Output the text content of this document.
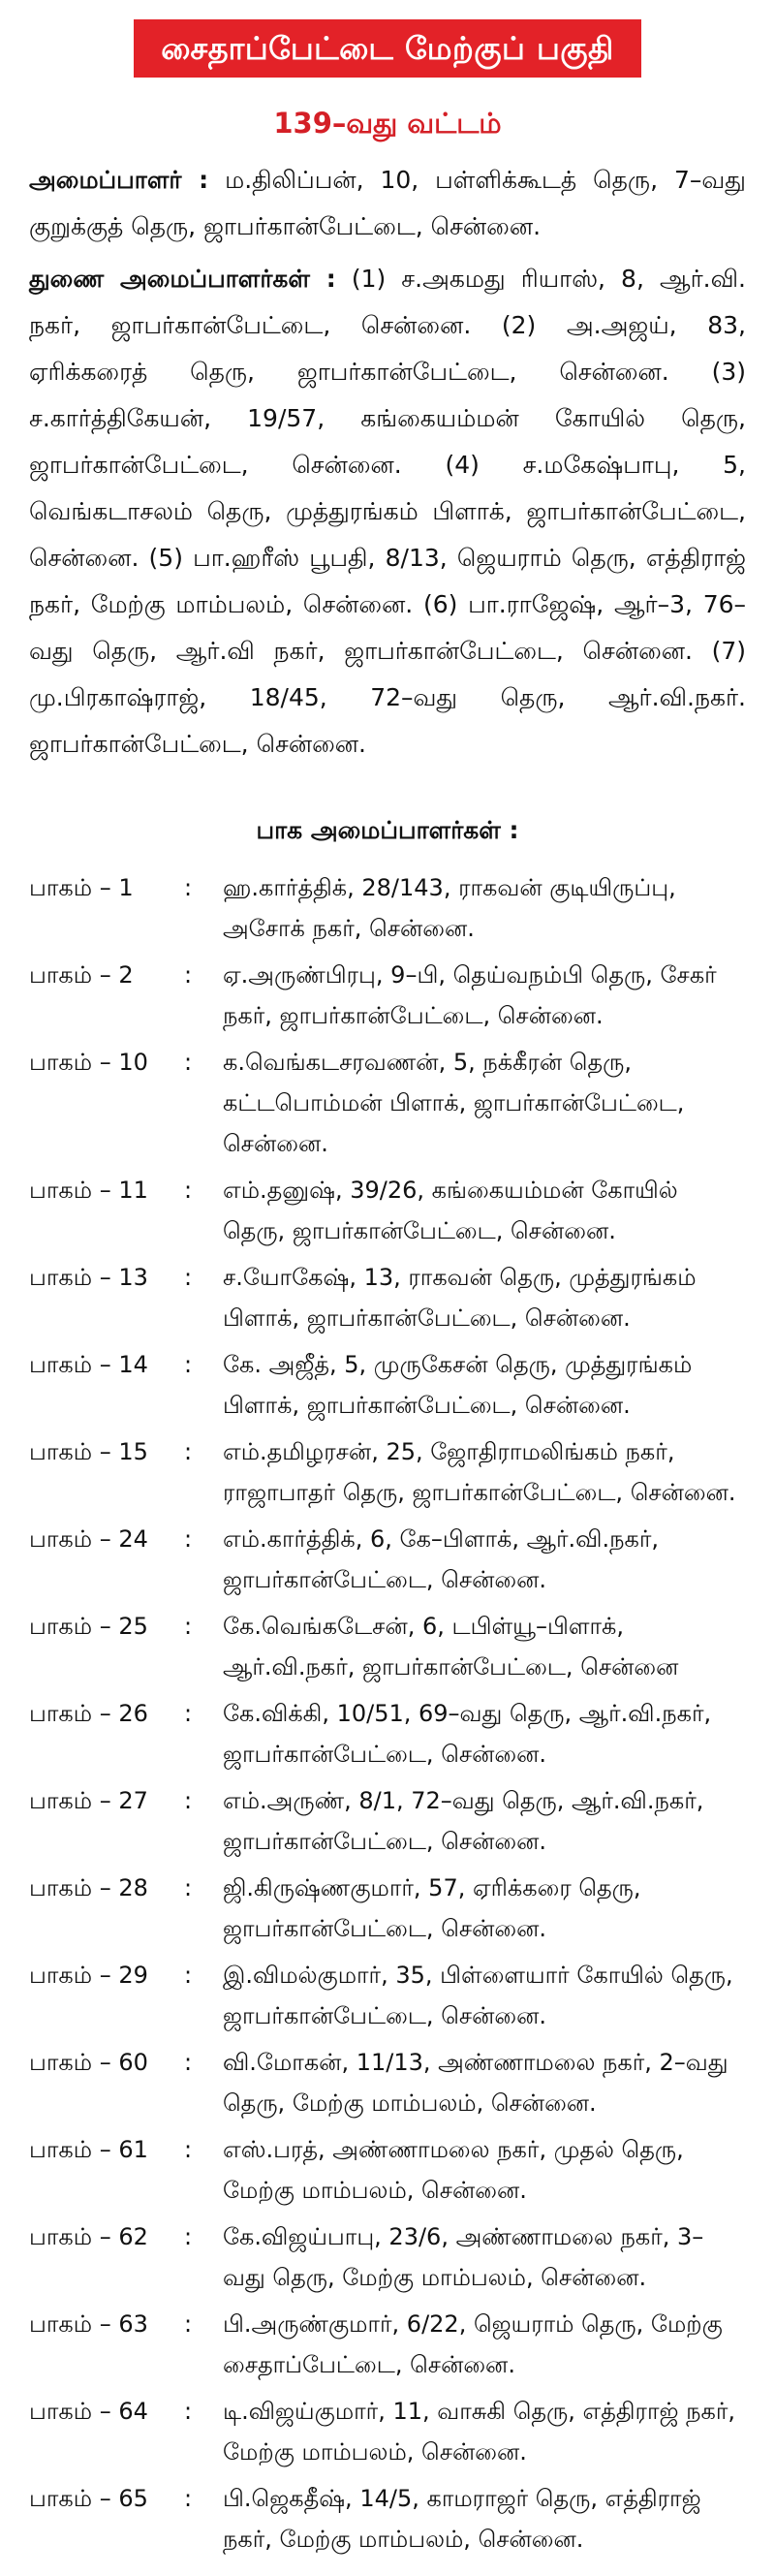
சைதாப்பேட்டை மேற்குப் பகுதி
139–வது வட்டம்

அமைப்பாளர் : ம.திலிப்பன், 10, பள்ளிக்கூடத் தெரு, 7–வது குறுக்குத் தெரு, ஜாபர்கான்பேட்டை, சென்னை.

துணை அமைப்பாளர்கள் : (1) ச.அகமது ரியாஸ், 8, ஆர்.வி. நகர், ஜாபர்கான்பேட்டை, சென்னை. (2) அ.அஜய், 83, ஏரிக்கரைத் தெரு, ஜாபர்கான்பேட்டை, சென்னை. (3) ச.கார்த்திகேயன், 19/57, கங்கையம்மன் கோயில் தெரு, ஜாபர்கான்பேட்டை, சென்னை. (4) ச.மகேஷ்பாபு, 5, வெங்கடாசலம் தெரு, முத்துரங்கம் பிளாக், ஜாபர்கான்பேட்டை, சென்னை. (5) பா.ஹரீஸ் பூபதி, 8/13, ஜெயராம் தெரு, எத்திராஜ் நகர், மேற்கு மாம்பலம், சென்னை. (6) பா.ராஜேஷ், ஆர்–3, 76–வது தெரு, ஆர்.வி நகர், ஜாபர்கான்பேட்டை, சென்னை. (7) மு.பிரகாஷ்ராஜ், 18/45, 72–வது தெரு, ஆர்.வி.நகர். ஜாபர்கான்பேட்டை, சென்னை.

பாக அமைப்பாளர்கள் :
பாகம் – 1	:	ஹ.கார்த்திக், 28/143, ராகவன் குடியிருப்பு, அசோக் நகர், சென்னை.
பாகம் – 2	:	ஏ.அருண்பிரபு, 9–பி, தெய்வநம்பி தெரு, சேகர் நகர், ஜாபர்கான்பேட்டை, சென்னை.
பாகம் – 10	:	க.வெங்கடசரவணன், 5, நக்கீரன் தெரு, கட்டபொம்மன் பிளாக், ஜாபர்கான்பேட்டை, சென்னை.
பாகம் – 11	:	எம்.தனுஷ், 39/26, கங்கையம்மன் கோயில் தெரு, ஜாபர்கான்பேட்டை, சென்னை.
பாகம் – 13	:	ச.யோகேஷ், 13, ராகவன் தெரு, முத்துரங்கம் பிளாக், ஜாபர்கான்பேட்டை, சென்னை.
பாகம் – 14	:	கே. அஜீத், 5, முருகேசன் தெரு, முத்துரங்கம் பிளாக், ஜாபர்கான்பேட்டை, சென்னை.
பாகம் – 15	:	எம்.தமிழரசன், 25, ஜோதிராமலிங்கம் நகர், ராஜாபாதர் தெரு, ஜாபர்கான்பேட்டை, சென்னை.
பாகம் – 24	:	எம்.கார்த்திக், 6, கே–பிளாக், ஆர்.வி.நகர், ஜாபர்கான்பேட்டை, சென்னை.
பாகம் – 25	:	கே.வெங்கடேசன், 6, டபிள்யூ–பிளாக், ஆர்.வி.நகர், ஜாபர்கான்பேட்டை, சென்னை
பாகம் – 26	:	கே.விக்கி, 10/51, 69–வது தெரு, ஆர்.வி.நகர், ஜாபர்கான்பேட்டை, சென்னை.
பாகம் – 27	:	எம்.அருண், 8/1, 72–வது தெரு, ஆர்.வி.நகர், ஜாபர்கான்பேட்டை, சென்னை.
பாகம் – 28	:	ஜி.கிருஷ்ணகுமார், 57, ஏரிக்கரை தெரு, ஜாபர்கான்பேட்டை, சென்னை.
பாகம் – 29	:	இ.விமல்குமார், 35, பிள்ளையார் கோயில் தெரு, ஜாபர்கான்பேட்டை, சென்னை.
பாகம் – 60	:	வி.மோகன், 11/13, அண்ணாமலை நகர், 2–வது தெரு, மேற்கு மாம்பலம், சென்னை.
பாகம் – 61	:	எஸ்.பரத், அண்ணாமலை நகர், முதல் தெரு, மேற்கு மாம்பலம், சென்னை.
பாகம் – 62	:	கே.விஜய்பாபு, 23/6, அண்ணாமலை நகர், 3–வது தெரு, மேற்கு மாம்பலம், சென்னை.
பாகம் – 63	:	பி.அருண்குமார், 6/22, ஜெயராம் தெரு, மேற்கு சைதாப்பேட்டை, சென்னை.
பாகம் – 64	:	டி.விஜய்குமார், 11, வாசுகி தெரு, எத்திராஜ் நகர், மேற்கு மாம்பலம், சென்னை.
பாகம் – 65	:	பி.ஜெகதீஷ், 14/5, காமராஜர் தெரு, எத்திராஜ் நகர், மேற்கு மாம்பலம், சென்னை.
